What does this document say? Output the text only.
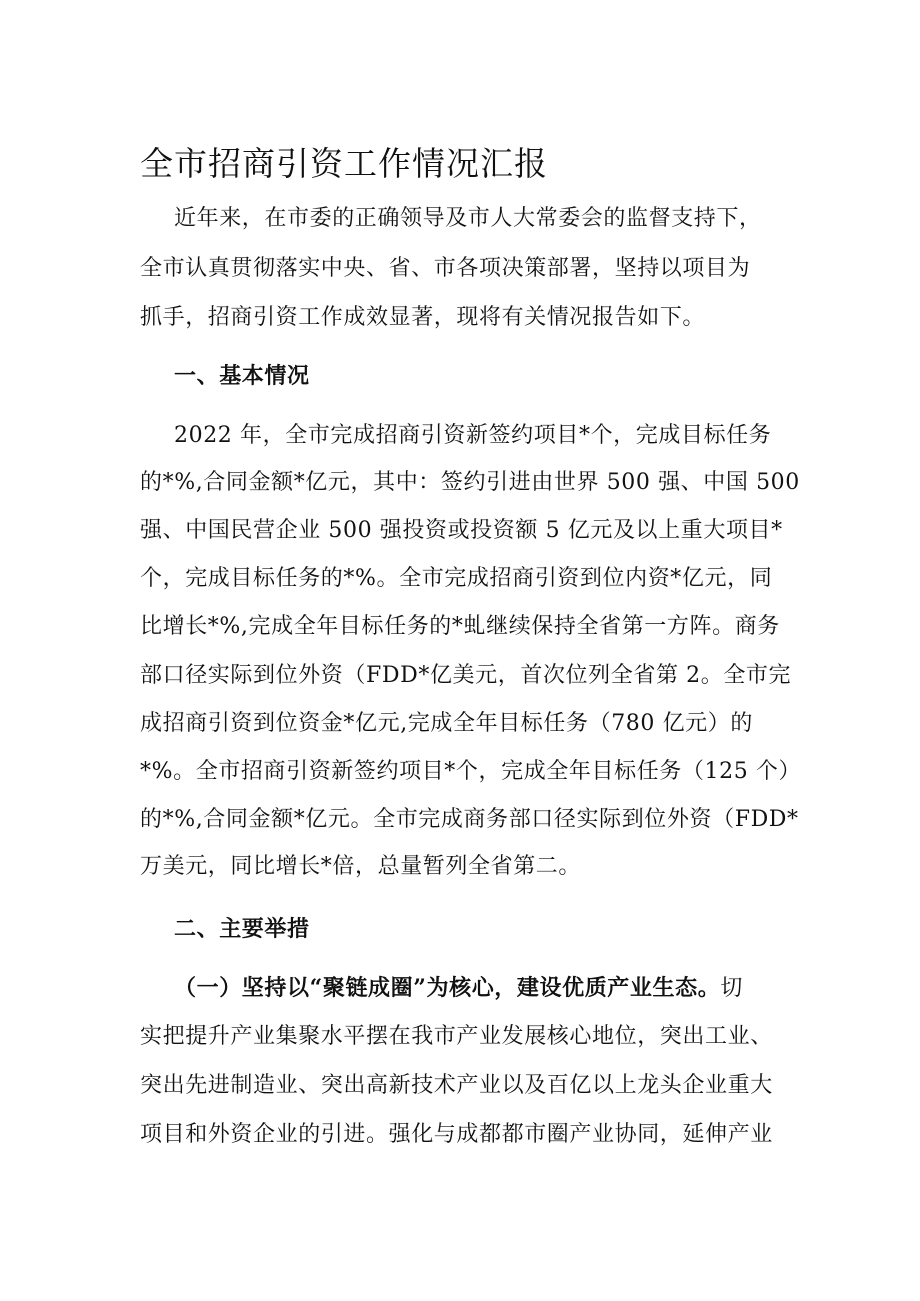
全市招商引资工作情况汇报
近年来，在市委的正确领导及市人大常委会的监督支持下，
全市认真贯彻落实中央、省、市各项决策部署，坚持以项目为
抓手，招商引资工作成效显著，现将有关情况报告如下。
一、基本情况
2022 年，全市完成招商引资新签约项目*个，完成目标任务
的*%,合同金额*亿元，其中：签约引进由世界 500 强、中国 500
强、中国民营企业 500 强投资或投资额 5 亿元及以上重大项目*
个，完成目标任务的*%。全市完成招商引资到位内资*亿元，同
比增长*%,完成全年目标任务的*虬继续保持全省第一方阵。商务
部口径实际到位外资（FDD*亿美元，首次位列全省第 2。全市完
成招商引资到位资金*亿元,完成全年目标任务（780 亿元）的
*%。全市招商引资新签约项目*个，完成全年目标任务（125 个）
的*%,合同金额*亿元。全市完成商务部口径实际到位外资（FDD*
万美元，同比增长*倍，总量暂列全省第二。
二、主要举措
（一）坚持以“聚链成圈”为核心，建设优质产业生态。切
实把提升产业集聚水平摆在我市产业发展核心地位，突出工业、
突出先进制造业、突出高新技术产业以及百亿以上龙头企业重大
项目和外资企业的引进。强化与成都都市圈产业协同，延伸产业
